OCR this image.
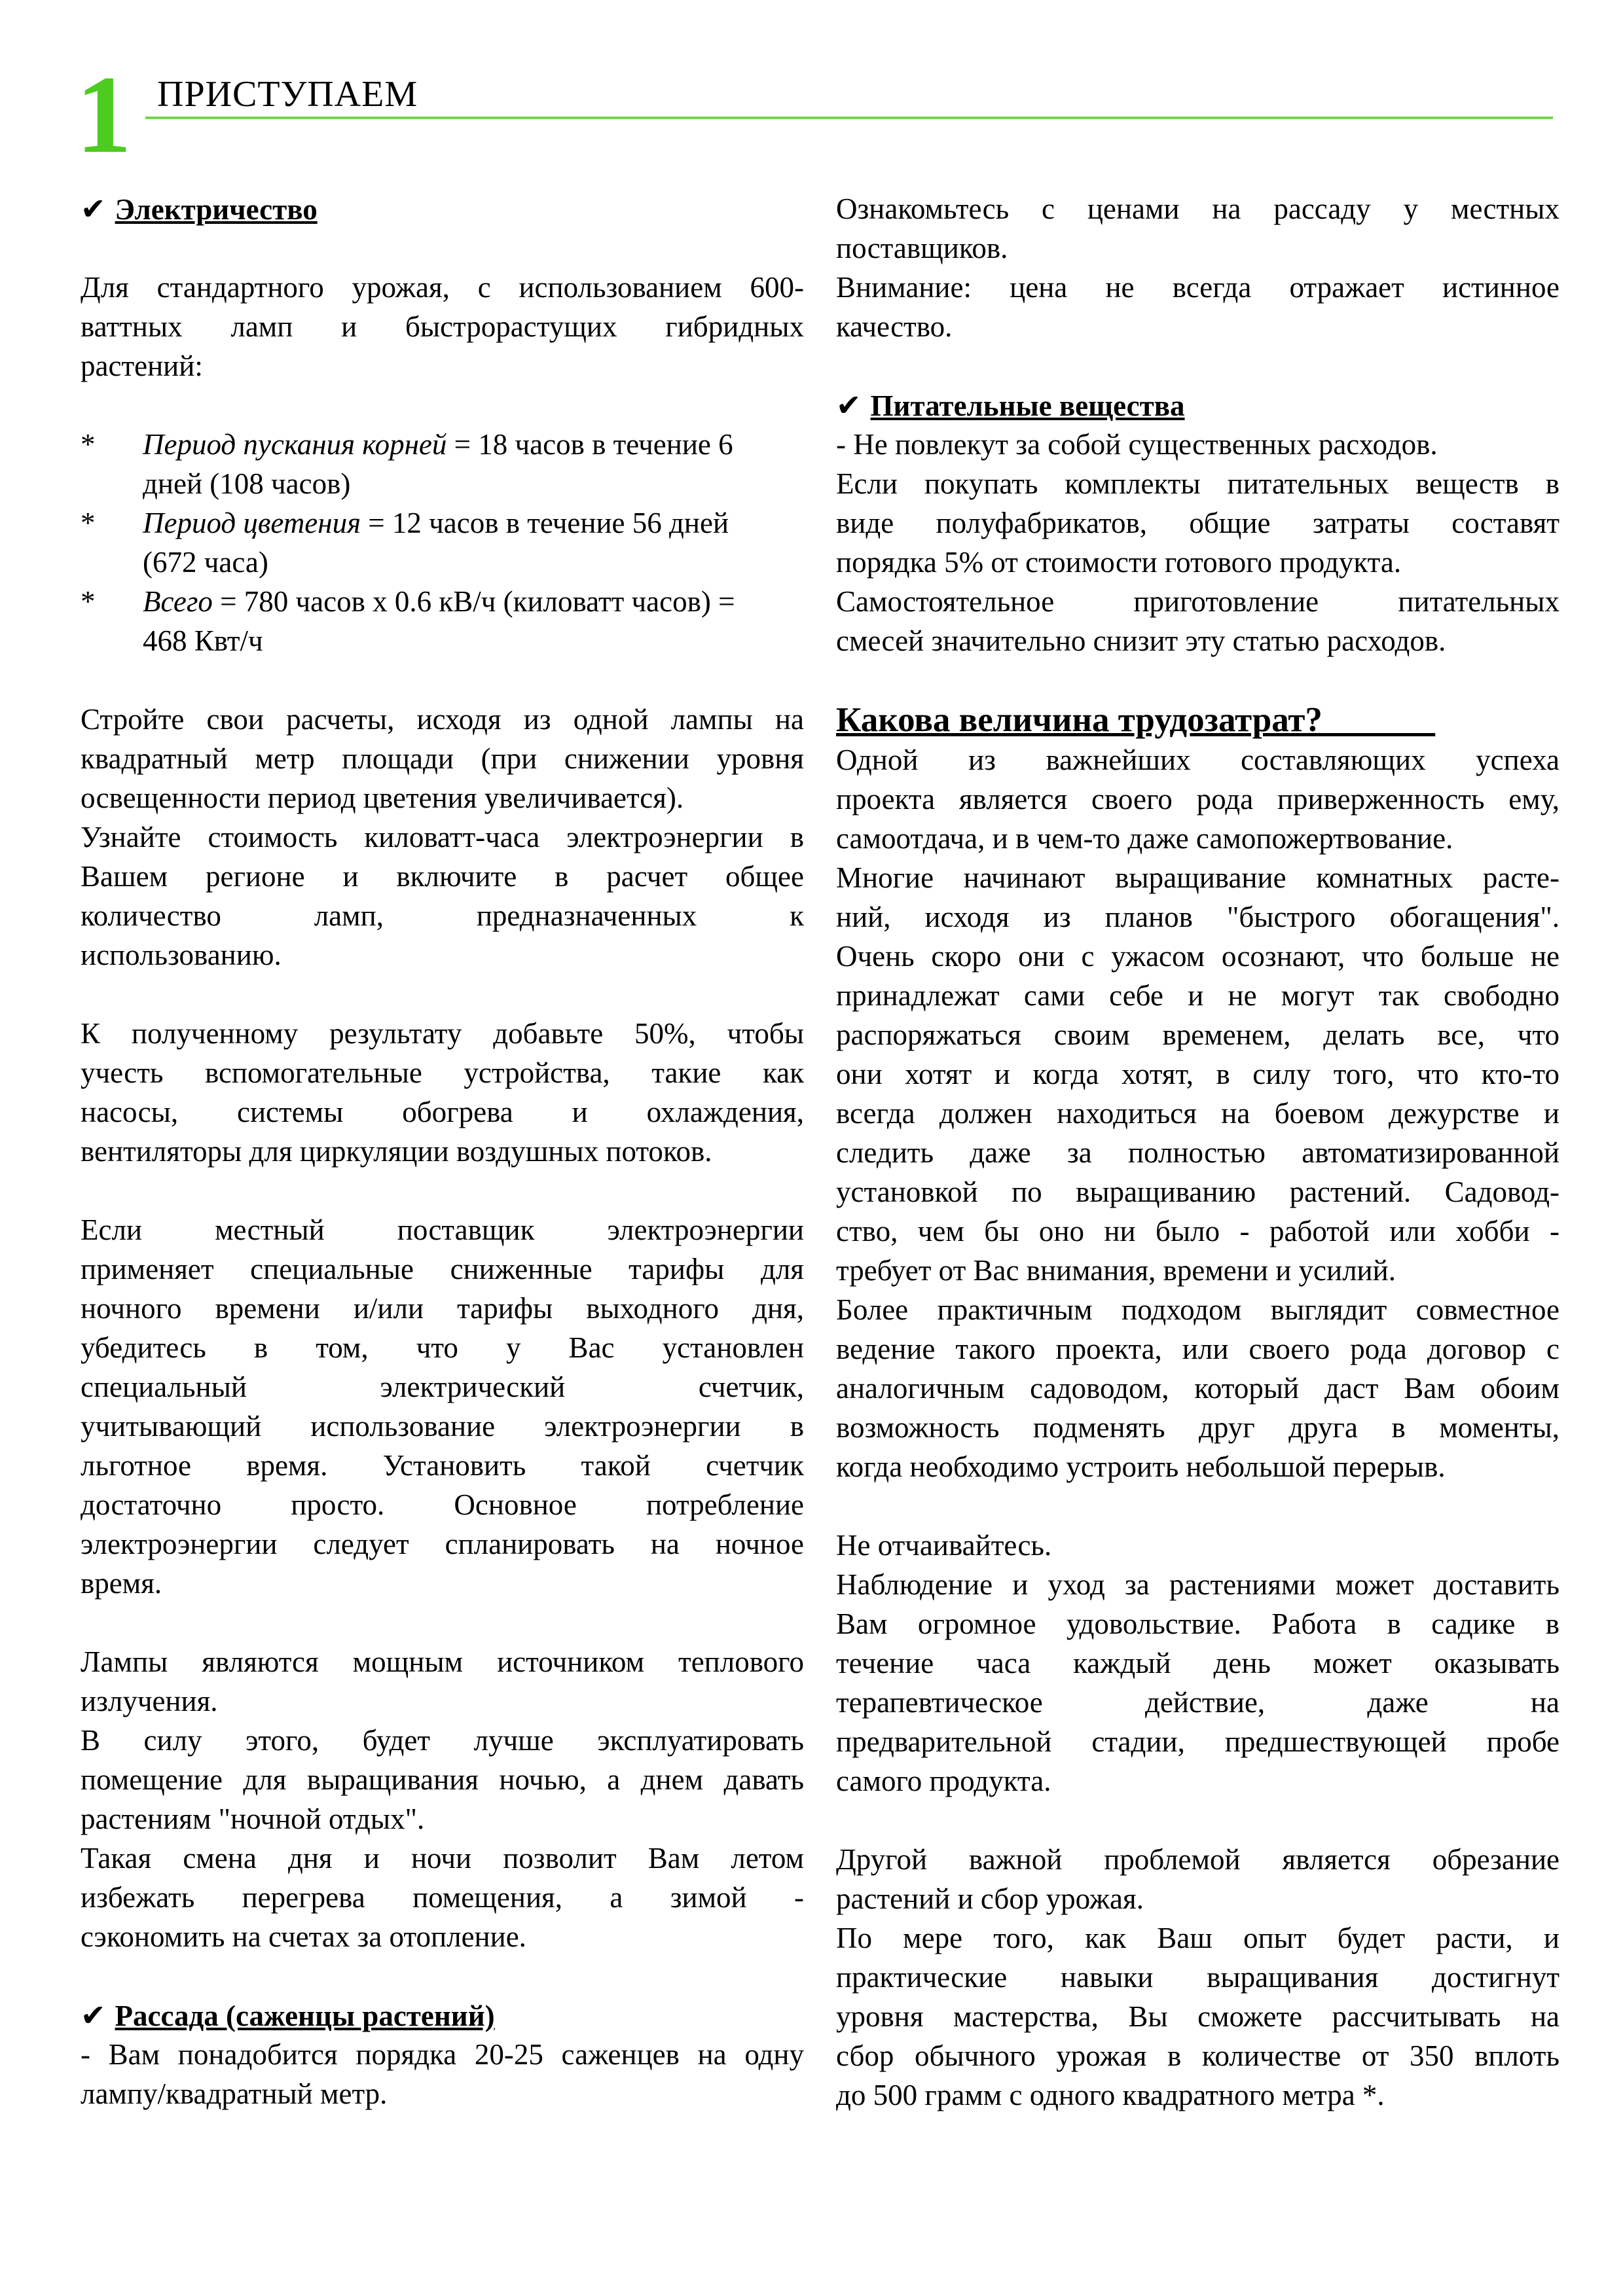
1 ПРИСТУПАЕМ
✔ Электричество
Для стандартного урожая, с использованием 600-
ваттных ламп и быстрорастущих гибридных
растений:
* Период пускания корней = 18 часов в течение 6
дней (108 часов)
* Период цветения = 12 часов в течение 56 дней
(672 часа)
* Всего = 780 часов х 0.6 кВ/ч (киловатт часов) =
468 Квт/ч
Стройте свои расчеты, исходя из одной лампы на
квадратный метр площади (при снижении уровня
освещенности период цветения увеличивается).
Узнайте стоимость киловатт-часа электроэнергии в
Вашем регионе и включите в расчет общее
количество ламп, предназначенных к
использованию.
К полученному результату добавьте 50%, чтобы
учесть вспомогательные устройства, такие как
насосы, системы обогрева и охлаждения,
вентиляторы для циркуляции воздушных потоков.
Если местный поставщик электроэнергии
применяет специальные сниженные тарифы для
ночного времени и/или тарифы выходного дня,
убедитесь в том, что у Вас установлен
специальный электрический счетчик,
учитывающий использование электроэнергии в
льготное время. Установить такой счетчик
достаточно просто. Основное потребление
электроэнергии следует спланировать на ночное
время.
Лампы являются мощным источником теплового
излучения.
В силу этого, будет лучше эксплуатировать
помещение для выращивания ночью, а днем давать
растениям "ночной отдых".
Такая смена дня и ночи позволит Вам летом
избежать перегрева помещения, а зимой -
сэкономить на счетах за отопление.
✔ Рассада (саженцы растений)
- Вам понадобится порядка 20-25 саженцев на одну
лампу/квадратный метр.
Ознакомьтесь с ценами на рассаду у местных
поставщиков.
Внимание: цена не всегда отражает истинное
качество.
✔ Питательные вещества
- Не повлекут за собой существенных расходов.
Если покупать комплекты питательных веществ в
виде полуфабрикатов, общие затраты составят
порядка 5% от стоимости готового продукта.
Самостоятельное приготовление питательных
смесей значительно снизит эту статью расходов.
Какова величина трудозатрат?
Одной из важнейших составляющих успеха
проекта является своего рода приверженность ему,
самоотдача, и в чем-то даже самопожертвование.
Многие начинают выращивание комнатных расте-
ний, исходя из планов "быстрого обогащения".
Очень скоро они с ужасом осознают, что больше не
принадлежат сами себе и не могут так свободно
распоряжаться своим временем, делать все, что
они хотят и когда хотят, в силу того, что кто-то
всегда должен находиться на боевом дежурстве и
следить даже за полностью автоматизированной
установкой по выращиванию растений. Садовод-
ство, чем бы оно ни было - работой или хобби -
требует от Вас внимания, времени и усилий.
Более практичным подходом выглядит совместное
ведение такого проекта, или своего рода договор с
аналогичным садоводом, который даст Вам обоим
возможность подменять друг друга в моменты,
когда необходимо устроить небольшой перерыв.
Не отчаивайтесь.
Наблюдение и уход за растениями может доставить
Вам огромное удовольствие. Работа в садике в
течение часа каждый день может оказывать
терапевтическое действие, даже на
предварительной стадии, предшествующей пробе
самого продукта.
Другой важной проблемой является обрезание
растений и сбор урожая.
По мере того, как Ваш опыт будет расти, и
практические навыки выращивания достигнут
уровня мастерства, Вы сможете рассчитывать на
сбор обычного урожая в количестве от 350 вплоть
до 500 грамм с одного квадратного метра *.
